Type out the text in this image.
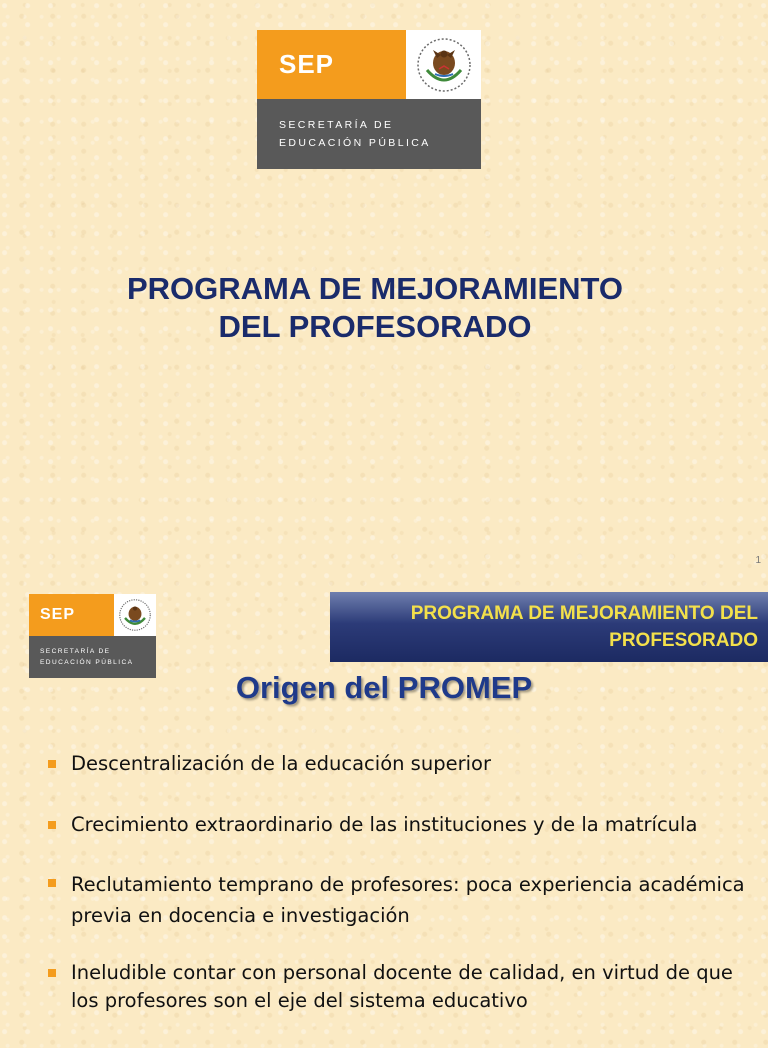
SEP
SECRETARÍA DE
EDUCACIÓN PÚBLICA
PROGRAMA DE MEJORAMIENTO
DEL PROFESORADO
1
SEP
SECRETARÍA DE
EDUCACIÓN PÚBLICA
PROGRAMA DE MEJORAMIENTO DEL
PROFESORADO
Origen del PROMEP
Descentralización de la educación superior
Crecimiento extraordinario de las instituciones y de la matrícula
Reclutamiento temprano de profesores: poca experiencia académica previa en docencia e investigación
Ineludible contar con personal docente de calidad, en virtud de que los profesores son el eje del sistema educativo
